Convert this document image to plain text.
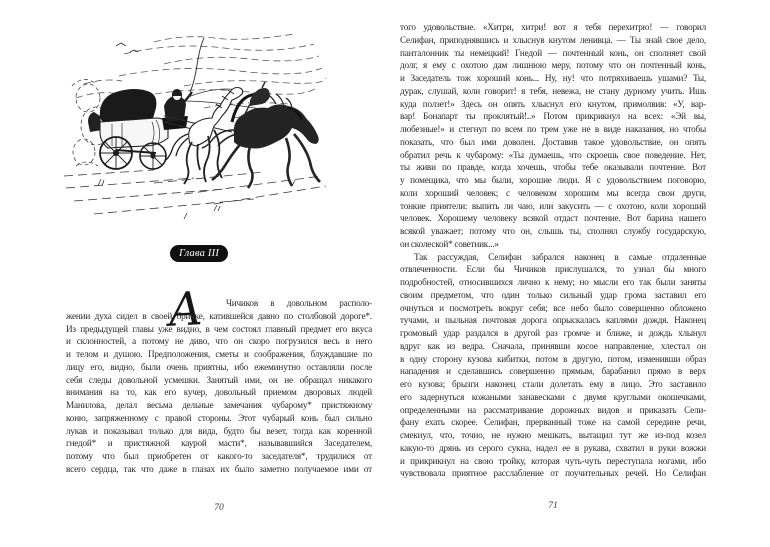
Глава III
А	Чичиков в довольном располо-
жении духа сидел в своей бричке, катившейся давно по столбовой дороге*.
Из предыдущей главы уже видно, в чем состоял главный предмет его вкуса
и склонностей, а потому не диво, что он скоро погрузился весь в него
и телом и душою. Предположения, сметы и соображения, блуждавшие по
лицу его, видно, были очень приятны, ибо ежеминутно оставляли после
себя следы довольной усмешки. Занятый ими, он не обращал никакого
внимания на то, как его кучер, довольный приемом дворовых людей
Манилова, делал весьма дельные замечания чубарому* пристяжному
коню, запряженному с правой стороны. Этот чубарый конь был сильно
лукав и показывал только для вида, будто бы везет, тогда как коренной
гнедой* и пристяжной каурой масти*, называвшийся Заседателем,
потому что был приобретен от какого-то заседателя*, трудилися от
всего сердца, так что даже в глазах их было заметно получаемое ими от
70
того удовольствие. «Хитри, хитри! вот я тебя перехитрю! — говорил
Селифан, приподнявшись и хлыснув кнутом ленивца. — Ты знай свое дело,
панталонник ты немецкий! Гнедой — почтенный конь, он сполняет свой
долг, я ему с охотою дам лишнюю меру, потому что он почтенный конь,
и Заседатель тож хороший конь... Ну, ну! что потряхиваешь ушами? Ты,
дурак, слушай, коли говорит! я тебя, невежа, не стану дурному учить. Ишь
куда ползет!» Здесь он опять хлыснул его кнутом, примолвив: «У, вар-
вар! Бонапарт ты проклятый!..» Потом прикрикнул на всех: «Эй вы,
любезные!» и стегнул по всем по трем уже не в виде наказания, но чтобы
показать, что был ими доволен. Доставив такое удовольствие, он опять
обратил речь к чубарому: «Ты думаешь, что скроешь свое поведение. Нет,
ты живи по правде, когда хочешь, чтобы тебе оказывали почтение. Вот
у помещика, что мы были, хорошие люди. Я с удовольствием поговорю,
коли хороший человек; с человеком хорошим мы всегда свои други,
тонкие приятели: выпить ли чаю, или закусить — с охотою, коли хороший
человек. Хорошему человеку всякой отдаст почтение. Вот барина нашего
всякой уважает; потому что он, слышь ты, сполнял службу государскую,
он сколеской* советник...»
Так рассуждая, Селифан забрался наконец в самые отдаленные
отвлеченности. Если бы Чичиков прислушался, то узнал бы много
подробностей, относившихся лично к нему; но мысли его так были заняты
своим предметом, что один только сильный удар грома заставил его
очнуться и посмотреть вокруг себя; все небо было совершенно обложено
тучами, и пыльная почтовая дорога опрыскалась каплями дождя. Наконец
громовый удар раздался в другой раз громче и ближе, и дождь хлынул
вдруг как из ведра. Сначала, принявши косое направление, хлестал он
в одну сторону кузова кибитки, потом в другую, потом, изменивши образ
нападения и сделавшись совершенно прямым, барабанил прямо в верх
его кузова; брызги наконец стали долетать ему в лицо. Это заставило
его задернуться кожаными занавесками с двумя круглыми окошечками,
определенными на рассматривание дорожных видов и приказать Сели-
фану ехать скорее. Селифан, прерванный тоже на самой середине речи,
смекнул, что, точно, не нужно мешкать, вытащил тут же из-под козел
какую-то дрянь из серого сукна, надел ее в рукава, схватил в руки вожжи
и прикрикнул на свою тройку, которая чуть-чуть переступала ногами, ибо
чувствовала приятное расслабление от поучительных речей. Но Селифан
71
